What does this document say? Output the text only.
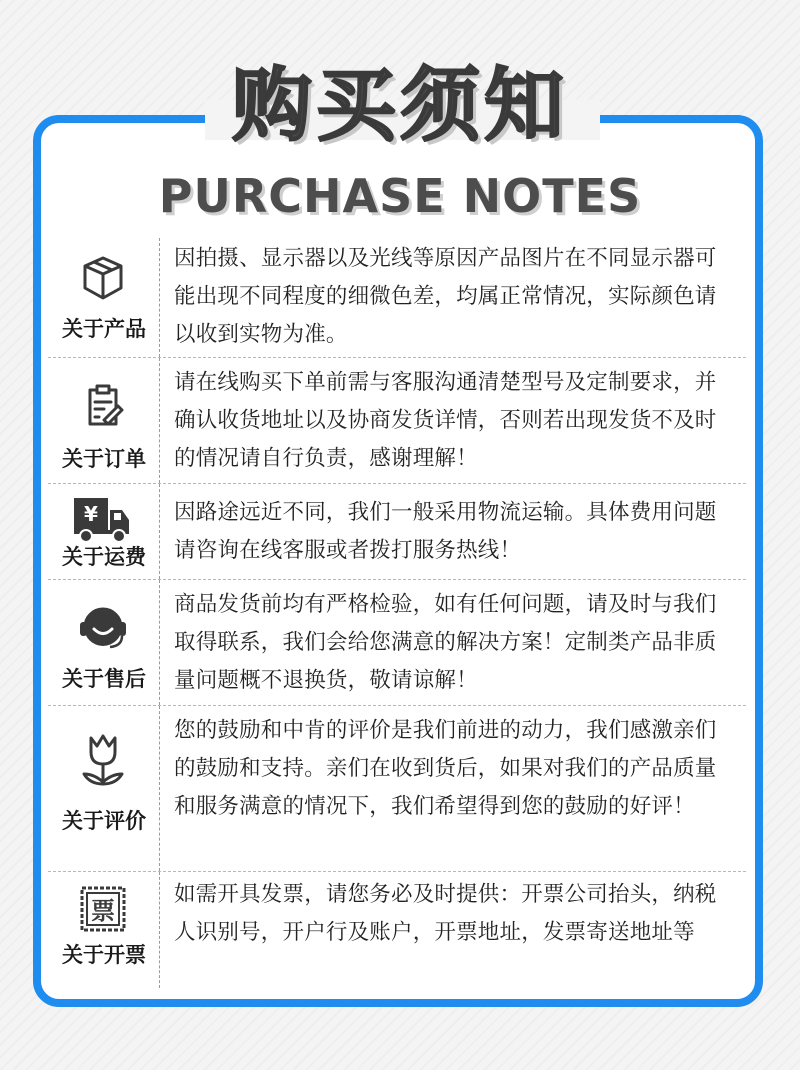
购买须知
PURCHASE NOTES
关于产品
因拍摄、显示器以及光线等原因产品图片在不同显示器可能出现不同程度的细微色差，均属正常情况，实际颜色请以收到实物为准。
关于订单
请在线购买下单前需与客服沟通清楚型号及定制要求，并确认收货地址以及协商发货详情，否则若出现发货不及时的情况请自行负责，感谢理解！
¥
关于运费
因路途远近不同，我们一般采用物流运输。具体费用问题请咨询在线客服或者拨打服务热线！
关于售后
商品发货前均有严格检验，如有任何问题，请及时与我们取得联系，我们会给您满意的解决方案！定制类产品非质量问题概不退换货，敬请谅解！
关于评价
您的鼓励和中肯的评价是我们前进的动力，我们感激亲们的鼓励和支持。亲们在收到货后，如果对我们的产品质量和服务满意的情况下，我们希望得到您的鼓励的好评！
票
关于开票
如需开具发票，请您务必及时提供：开票公司抬头，纳税人识别号，开户行及账户，开票地址，发票寄送地址等
